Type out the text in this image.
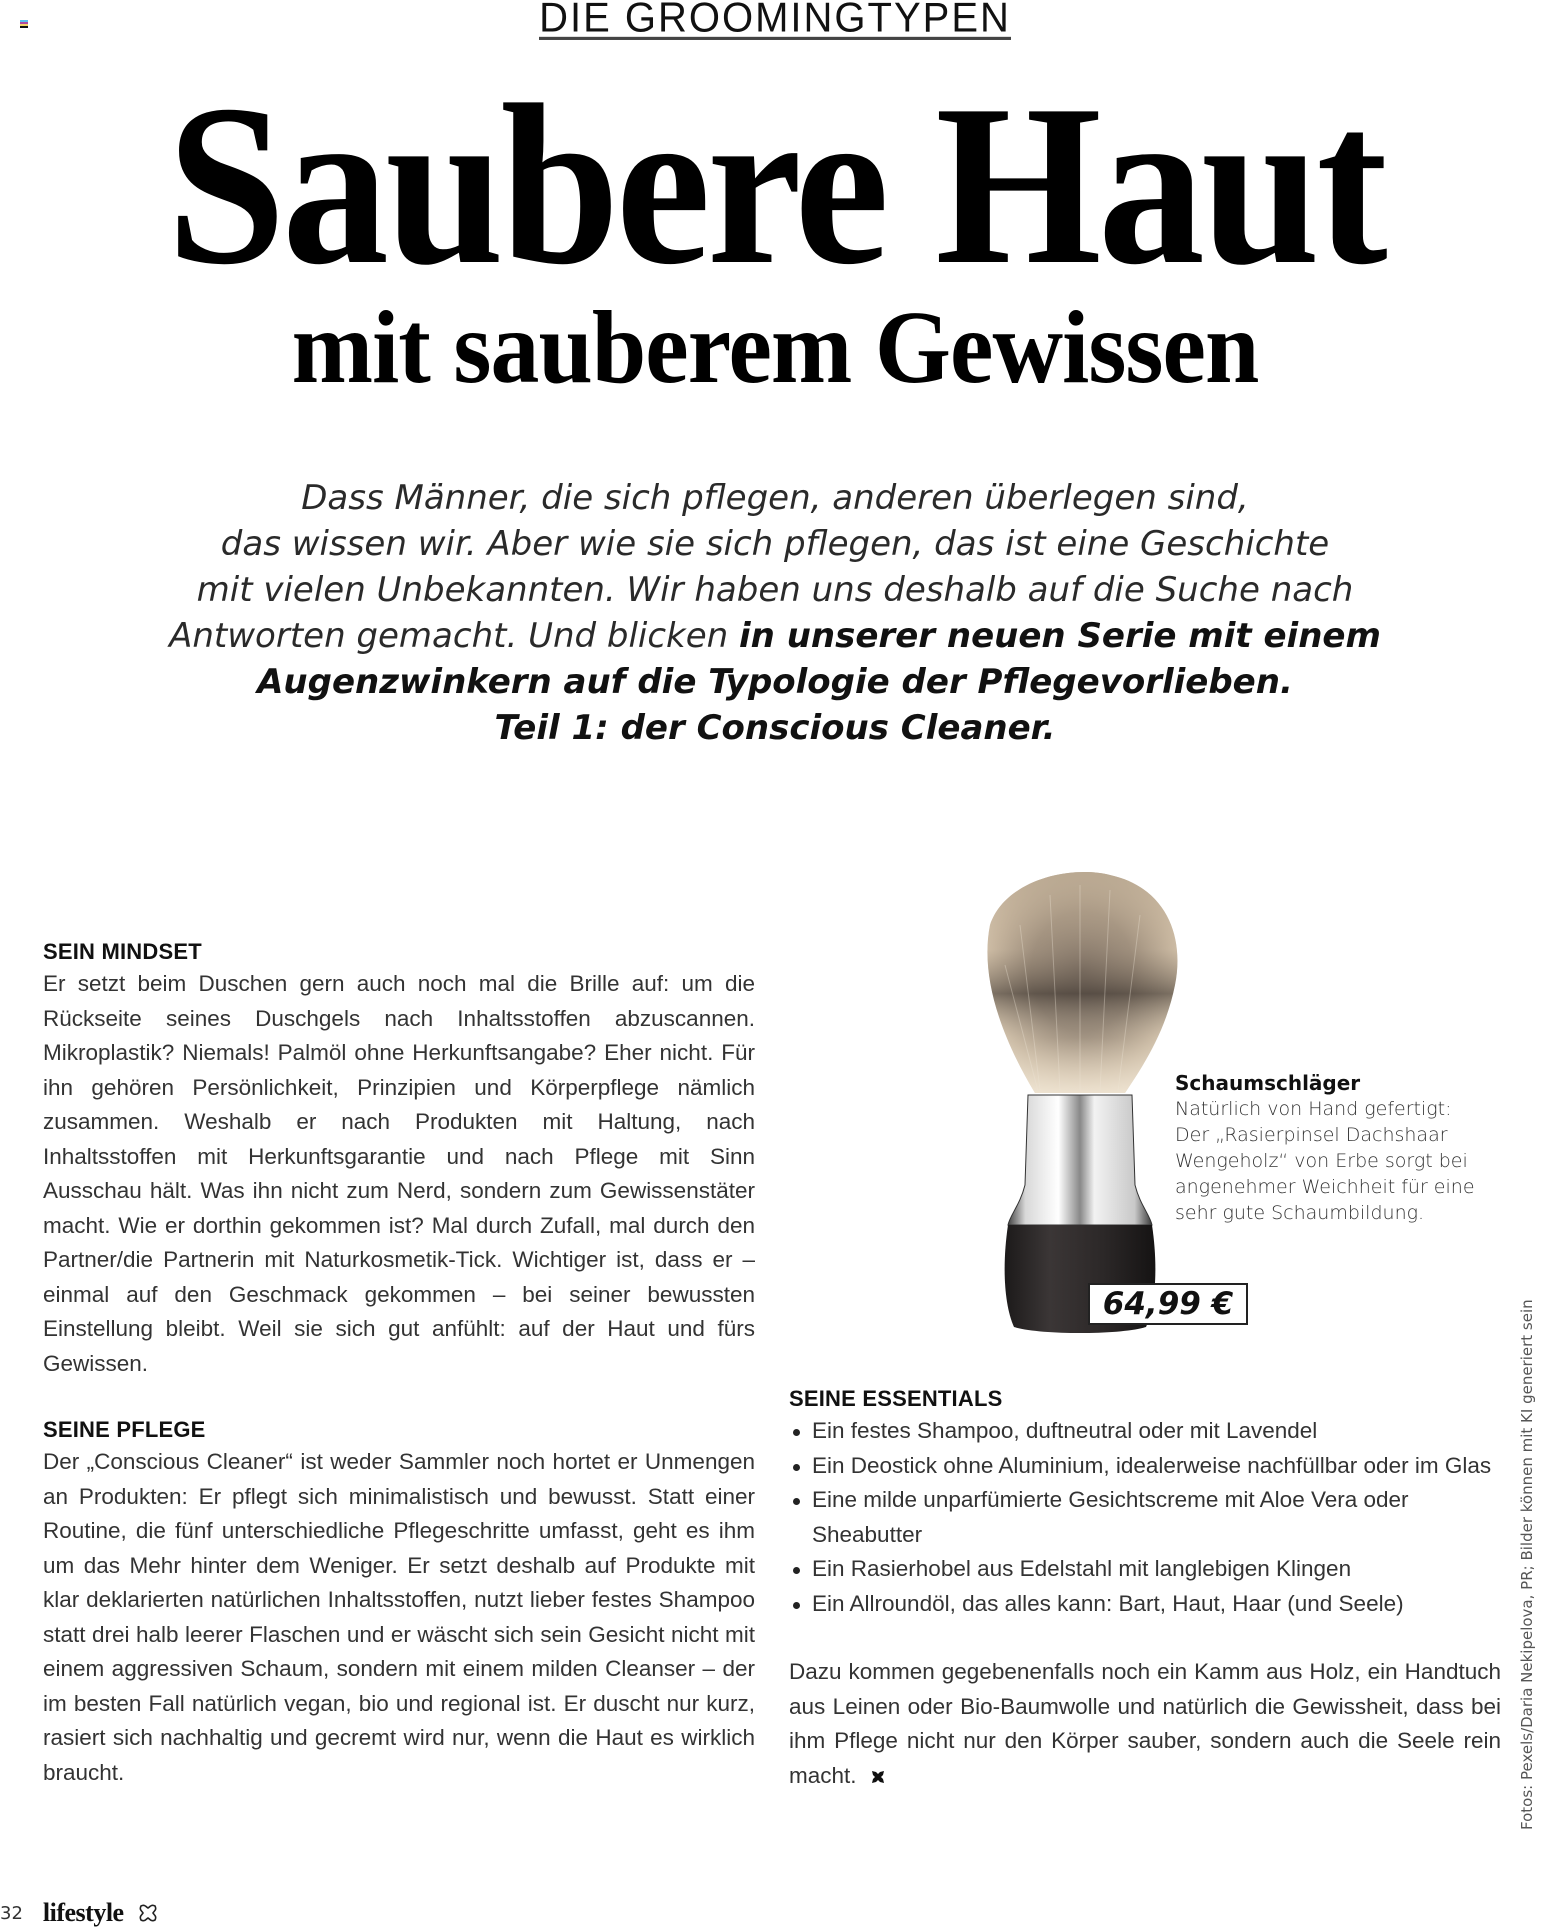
DIE GROOMINGTYPEN
Saubere Haut
mit sauberem Gewissen
Dass Männer, die sich pflegen, anderen überlegen sind,
das wissen wir. Aber wie sie sich pflegen, das ist eine Geschichte
mit vielen Unbekannten. Wir haben uns deshalb auf die Suche nach
Antworten gemacht. Und blicken in unserer neuen Serie mit einem
Augenzwinkern auf die Typologie der Pflegevorlieben.
Teil 1: der Conscious Cleaner.
SEIN MINDSET

Er setzt beim Duschen gern auch noch mal die Brille auf: um die Rückseite seines Duschgels nach Inhaltsstoffen abzuscannen. Mikroplastik? Niemals! Palmöl ohne Herkunftsangabe? Eher nicht. Für ihn gehören Persönlichkeit, Prinzipien und Körperpflege nämlich zusammen. Weshalb er nach Produkten mit Haltung, nach Inhaltsstoffen mit Herkunftsgarantie und nach Pflege mit Sinn Ausschau hält. Was ihn nicht zum Nerd, sondern zum Gewissenstäter macht. Wie er dorthin gekommen ist? Mal durch Zufall, mal durch den Partner/die Partnerin mit Naturkosmetik-Tick. Wichtiger ist, dass er – einmal auf den Geschmack gekommen – bei seiner bewussten Einstellung bleibt. Weil sie sich gut anfühlt: auf der Haut und fürs Gewissen.

SEINE PFLEGE

Der „Conscious Cleaner“ ist weder Sammler noch hortet er Unmengen an Produkten: Er pflegt sich minimalistisch und bewusst. Statt einer Routine, die fünf unterschiedliche Pflegeschritte umfasst, geht es ihm um das Mehr hinter dem Weniger. Er setzt deshalb auf Produkte mit klar deklarierten natürlichen Inhaltsstoffen, nutzt lieber festes Shampoo statt drei halb leerer Flaschen und er wäscht sich sein Gesicht nicht mit einem aggressiven Schaum, sondern mit einem milden Cleanser – der im besten Fall natürlich vegan, bio und regional ist. Er duscht nur kurz, rasiert sich nachhaltig und gecremt wird nur, wenn die Haut es wirklich braucht.

Schaumschläger
Natürlich von Hand gefertigt: Der „Rasierpinsel Dachshaar Wengeholz“ von Erbe sorgt bei angenehmer Weichheit für eine sehr gute Schaumbildung.
64,99 €
SEINE ESSENTIALS
Ein festes Shampoo, duftneutral oder mit Lavendel
Ein Deostick ohne Aluminium, idealerweise nachfüllbar oder im Glas
Eine milde unparfümierte Gesichtscreme mit Aloe Vera oder Sheabutter
Ein Rasierhobel aus Edelstahl mit langlebigen Klingen
Ein Allroundöl, das alles kann: Bart, Haut, Haar (und Seele)

Dazu kommen gegebenenfalls noch ein Kamm aus Holz, ein Handtuch aus Leinen oder Bio-Baumwolle und natürlich die Gewissheit, dass bei ihm Pflege nicht nur den Körper sauber, sondern auch die Seele rein macht.	Fotos: Pexels/Daria Nekipelova, PR; Bilder können mit KI generiert sein
32 lifestyle
